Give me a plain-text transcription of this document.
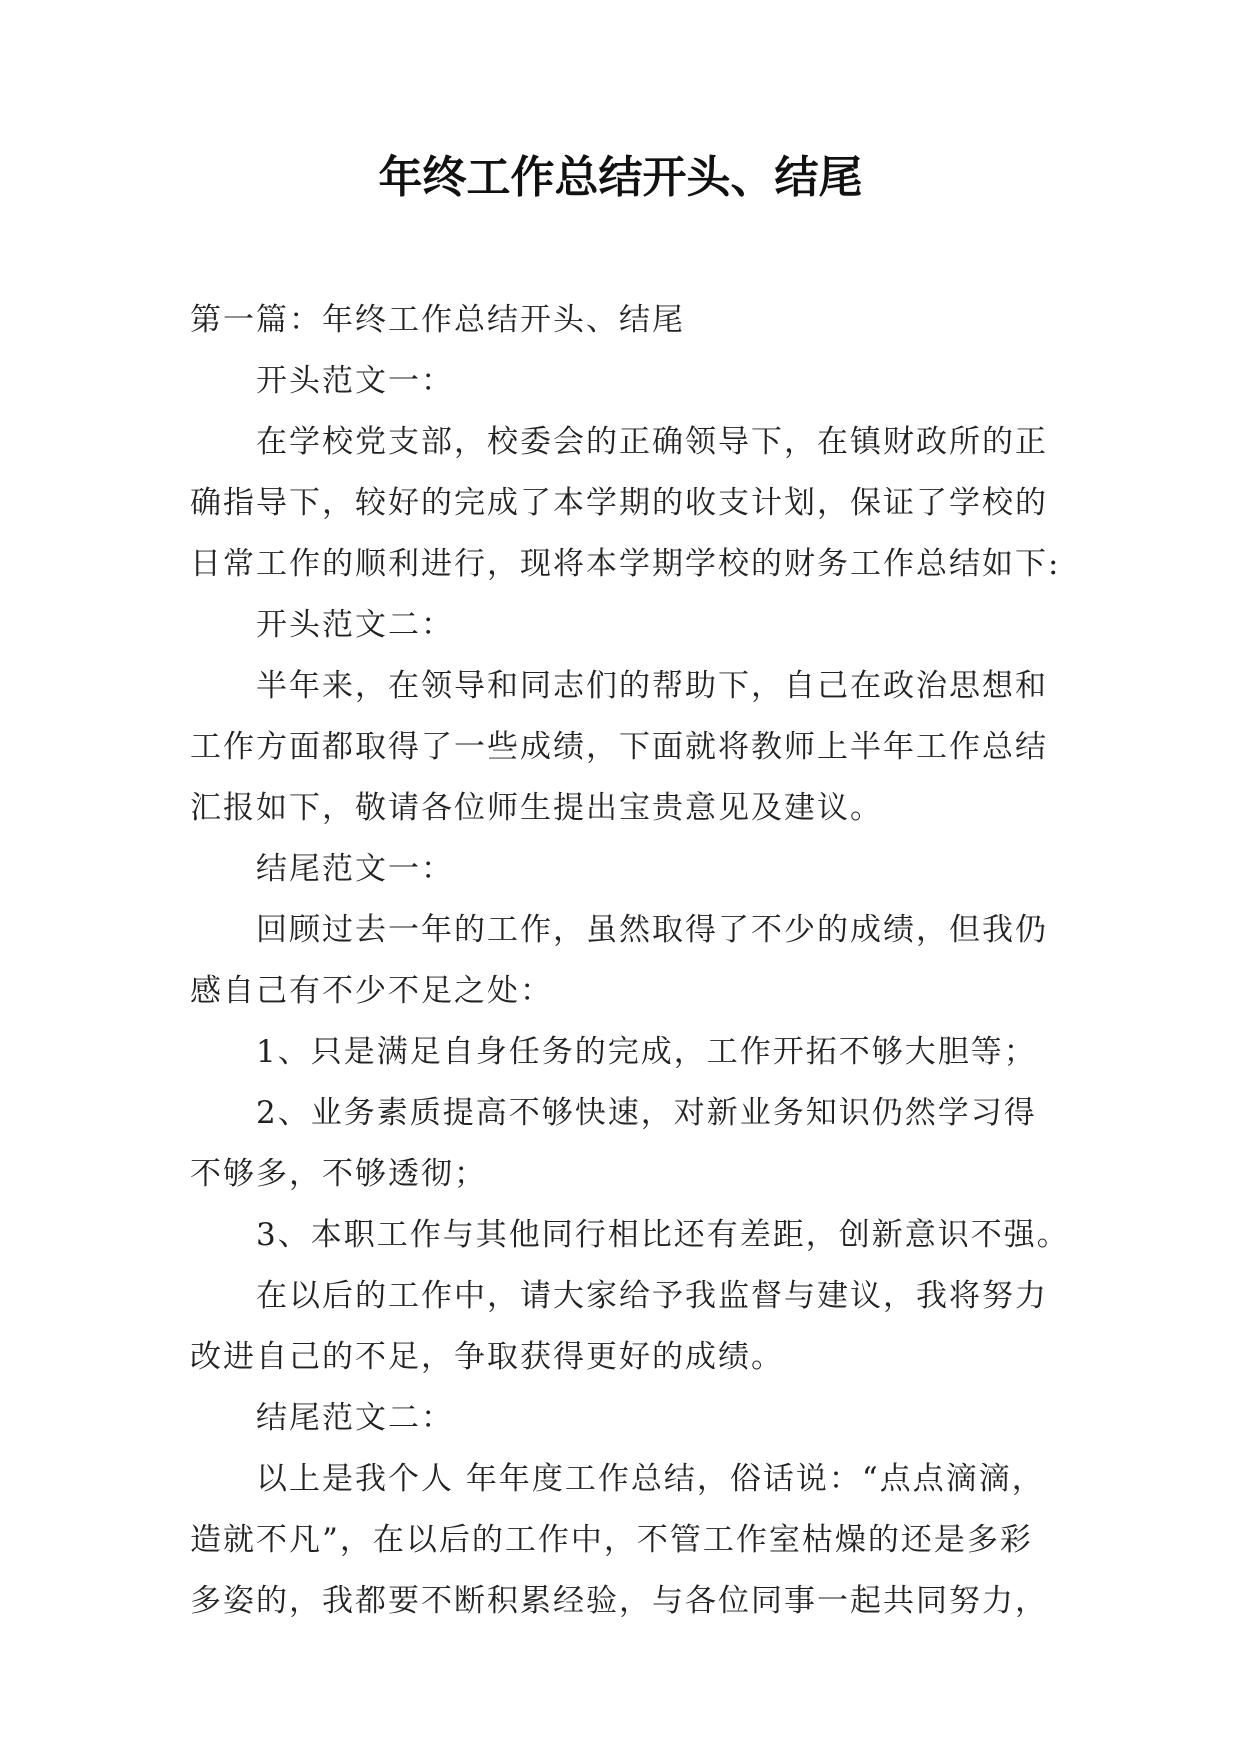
年终工作总结开头、结尾

第一篇：年终工作总结开头、结尾

开头范文一：

在学校党支部，校委会的正确领导下，在镇财政所的正

确指导下，较好的完成了本学期的收支计划，保证了学校的

日常工作的顺利进行，现将本学期学校的财务工作总结如下:

开头范文二：

半年来，在领导和同志们的帮助下，自己在政治思想和

工作方面都取得了一些成绩，下面就将教师上半年工作总结

汇报如下，敬请各位师生提出宝贵意见及建议。

结尾范文一：

回顾过去一年的工作，虽然取得了不少的成绩，但我仍

感自己有不少不足之处：

1、只是满足自身任务的完成，工作开拓不够大胆等；

2、业务素质提高不够快速，对新业务知识仍然学习得

不够多，不够透彻；

3、本职工作与其他同行相比还有差距，创新意识不强。

在以后的工作中，请大家给予我监督与建议，我将努力

改进自己的不足，争取获得更好的成绩。

结尾范文二：

以上是我个人 年年度工作总结，俗话说：“点点滴滴，

造就不凡”，在以后的工作中，不管工作室枯燥的还是多彩

多姿的，我都要不断积累经验，与各位同事一起共同努力，
